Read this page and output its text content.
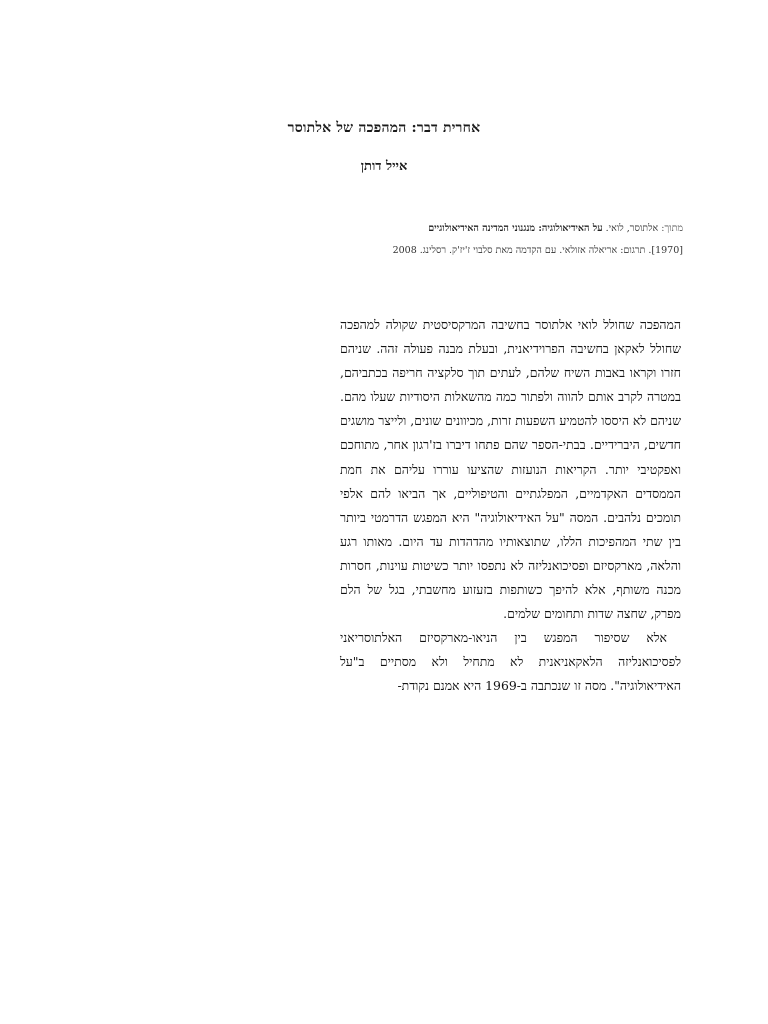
אחרית דבר: המהפכה של אלתוסר
אייל דותן

מתוך: אלתוסר, לואי. על האידיאולוגיה: מנגנוני המדינה האידיאולוגיים

[1970]. תרגום: אריאלה אזולאי. עם הקדמה מאת סלבוי ז'יז'ק. רסלינג. 2008

המהפכה שחולל לואי אלתוסר בחשיבה המרקסיסטית שקולה למהפכה שחולל לאקאן בחשיבה הפרוידיאנית, ובעלת מבנה פעולה זהה. שניהם חזרו וקראו באבות השיח שלהם, לעתים תוך סלקציה חריפה בכתביהם, במטרה לקרב אותם להווה ולפתור כמה מהשאלות היסודיות שעלו מהם. שניהם לא היססו להטמיע השפעות זרות, מכיוונים שונים, ולייצר מושגים חדשים, היברידיים. בבתי-הספר שהם פתחו דיברו בז'רגון אחר, מתוחכם ואפקטיבי יותר. הקריאות הנועזות שהציעו עוררו עליהם את חמת הממסדים האקדמיים, המפלגתיים והטיפוליים, אך הביאו להם אלפי תומכים נלהבים. המסה "על האידיאולוגיה" היא המפגש הדרמטי ביותר בין שתי המהפיכות הללו, שתוצאותיו מהדהדות עד היום. מאותו רגע והלאה, מארקסיזם ופסיכואנליזה לא נתפסו יותר כשיטות עוינות, חסרות מכנה משותף, אלא להיפך כשותפות בזעזוע מחשבתי, בגל של הלם מפרק, שחצה שדות ותחומים שלמים.

אלא שסיפור המפגש בין הניאו-מארקסיזם האלתוסריאני לפסיכואנליזה הלאקאניאנית לא מתחיל ולא מסתיים ב"על האידיאולוגיה". מסה זו שנכתבה ב-1969 היא אמנם נקודת-
